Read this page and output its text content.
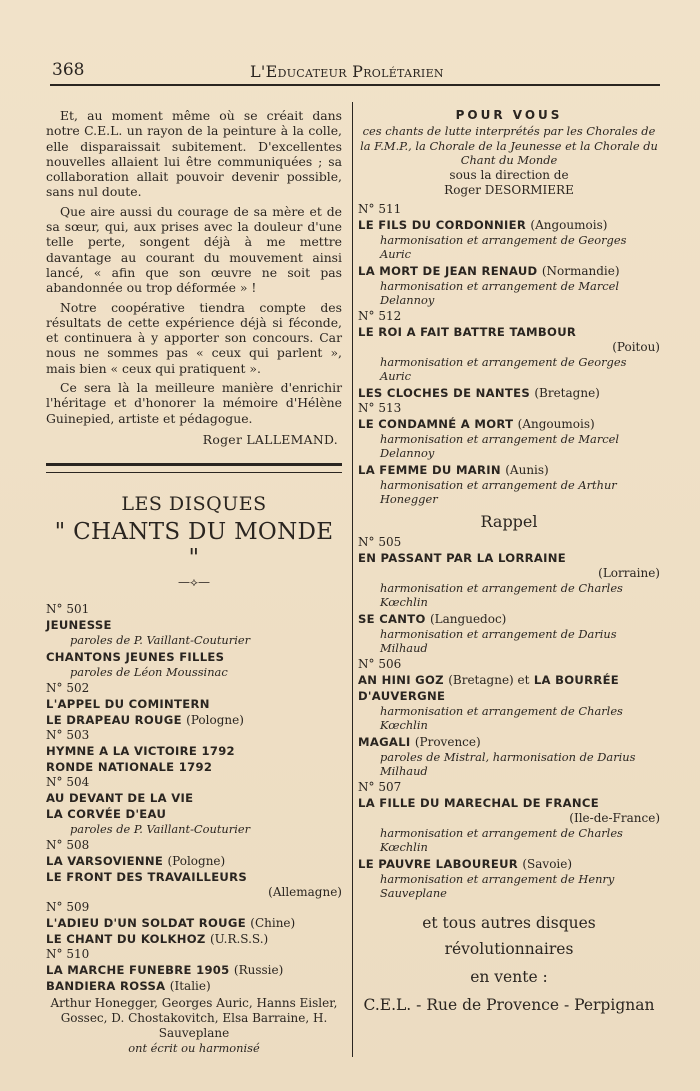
368	L'Educateur Prolétarien

Et, au moment même où se créait dans notre C.E.L. un rayon de la peinture à la colle, elle disparaissait subitement. D'excellentes nouvelles allaient lui être communiquées ; sa collaboration allait pouvoir devenir possible, sans nul doute.

Que aire aussi du courage de sa mère et de sa sœur, qui, aux prises avec la douleur d'une telle perte, songent déjà à me mettre davantage au courant du mouvement ainsi lancé, « afin que son œuvre ne soit pas abandonnée ou trop déformée » !

Notre coopérative tiendra compte des résultats de cette expérience déjà si féconde, et continuera à y apporter son concours. Car nous ne sommes pas « ceux qui parlent », mais bien « ceux qui pratiquent ».

Ce sera là la meilleure manière d'enrichir l'héritage et d'honorer la mémoire d'Hélène Guinepied, artiste et pédagogue.

Roger LALLEMAND.
LES DISQUES
" CHANTS DU MONDE "
—⟡—

N° 501

JEUNESSE

paroles de P. Vaillant-Couturier

CHANTONS JEUNES FILLES

paroles de Léon Moussinac

N° 502

L'APPEL DU COMINTERN

LE DRAPEAU ROUGE (Pologne)

N° 503

HYMNE A LA VICTOIRE 1792

RONDE NATIONALE 1792

N° 504

AU DEVANT DE LA VIE

LA CORVÉE D'EAU

paroles de P. Vaillant-Couturier

N° 508

LA VARSOVIENNE (Pologne)

LE FRONT DES TRAVAILLEURS

(Allemagne)

N° 509

L'ADIEU D'UN SOLDAT ROUGE (Chine)

LE CHANT DU KOLKHOZ (U.R.S.S.)

N° 510

LA MARCHE FUNEBRE 1905 (Russie)

BANDIERA ROSSA (Italie)

Arthur Honegger, Georges Auric, Hanns Eisler, Gossec, D. Chostakovitch, Elsa Barraine, H. Sauveplane

ont écrit ou harmonisé

POUR VOUS

ces chants de lutte interprétés par les Chorales de la F.M.P., la Chorale de la Jeunesse et la Chorale du Chant du Monde

sous la direction de

Roger DESORMIERE

N° 511

LE FILS DU CORDONNIER (Angoumois)

harmonisation et arrangement de Georges Auric

LA MORT DE JEAN RENAUD (Normandie)

harmonisation et arrangement de Marcel Delannoy

N° 512

LE ROI A FAIT BATTRE TAMBOUR

(Poitou)

harmonisation et arrangement de Georges Auric

LES CLOCHES DE NANTES (Bretagne)

N° 513

LE CONDAMNÉ A MORT (Angoumois)

harmonisation et arrangement de Marcel Delannoy

LA FEMME DU MARIN (Aunis)

harmonisation et arrangement de Arthur Honegger

Rappel

N° 505

EN PASSANT PAR LA LORRAINE

(Lorraine)

harmonisation et arrangement de Charles Kœchlin

SE CANTO (Languedoc)

harmonisation et arrangement de Darius Milhaud

N° 506

AN HINI GOZ (Bretagne) et LA BOURRÉE D'AUVERGNE

harmonisation et arrangement de Charles Kœchlin

MAGALI (Provence)

paroles de Mistral, harmonisation de Darius Milhaud

N° 507

LA FILLE DU MARECHAL DE FRANCE

(Ile-de-France)

harmonisation et arrangement de Charles Kœchlin

LE PAUVRE LABOUREUR (Savoie)

harmonisation et arrangement de Henry Sauveplane

et tous autres disques révolutionnaires

en vente :

C.E.L. - Rue de Provence - Perpignan
